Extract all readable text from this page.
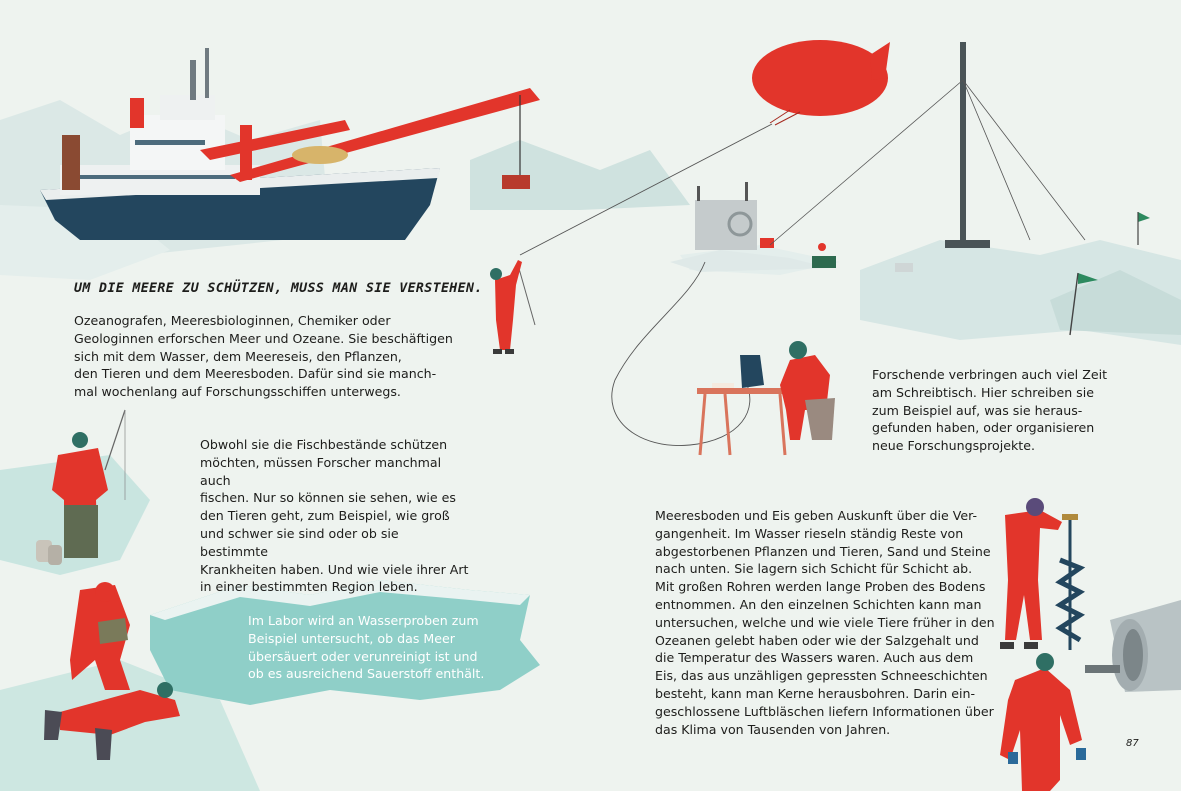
UM DIE MEERE ZU SCHÜTZEN, MUSS MAN SIE VERSTEHEN.
Ozeanografen, Meeresbiologinnen, Chemiker oder
Geologinnen erforschen Meer und Ozeane. Sie beschäftigen
sich mit dem Wasser, dem Meereseis, den Pflanzen,
den Tieren und dem Meeresboden. Dafür sind sie manch-
mal wochenlang auf Forschungsschiffen unterwegs.
Obwohl sie die Fischbestände schützen
möchten, müssen Forscher manchmal auch
fischen. Nur so können sie sehen, wie es
den Tieren geht, zum Beispiel, wie groß
und schwer sie sind oder ob sie bestimmte
Krankheiten haben. Und wie viele ihrer Art
in einer bestimmten Region leben.
Im Labor wird an Wasserproben zum
Beispiel untersucht, ob das Meer
übersäuert oder verunreinigt ist und
ob es ausreichend Sauerstoff enthält.
Forschende verbringen auch viel Zeit
am Schreibtisch. Hier schreiben sie
zum Beispiel auf, was sie heraus-
gefunden haben, oder organisieren
neue Forschungsprojekte.
Meeresboden und Eis geben Auskunft über die Ver-
gangenheit. Im Wasser rieseln ständig Reste von
abgestorbenen Pflanzen und Tieren, Sand und Steine
nach unten. Sie lagern sich Schicht für Schicht ab.
Mit großen Rohren werden lange Proben des Bodens
entnommen. An den einzelnen Schichten kann man
untersuchen, welche und wie viele Tiere früher in den
Ozeanen gelebt haben oder wie der Salzgehalt und
die Temperatur des Wassers waren. Auch aus dem
Eis, das aus unzähligen gepressten Schneeschichten
besteht, kann man Kerne herausbohren. Darin ein-
geschlossene Luftbläschen liefern Informationen über
das Klima von Tausenden von Jahren.
87
